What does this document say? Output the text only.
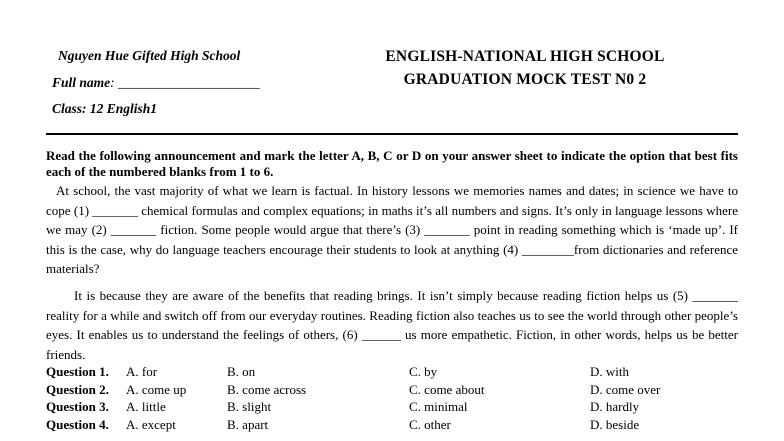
Nguyen Hue Gifted High School
Full name: _____________________
Class: 12 English1
ENGLISH-NATIONAL HIGH SCHOOL
GRADUATION MOCK TEST N0 2
Read the following announcement and mark the letter A, B, C or D on your answer sheet to indicate the option that best fits each of the numbered blanks from 1 to 6.
At school, the vast majority of what we learn is factual. In history lessons we memories names and dates; in science we have to cope (1) _______ chemical formulas and complex equations; in maths it’s all numbers and signs. It’s only in language lessons where we may (2) _______ fiction. Some people would argue that there’s (3) _______ point in reading something which is ‘made up’. If this is the case, why do language teachers encourage their students to look at anything (4) ________from dictionaries and reference materials?
It is because they are aware of the benefits that reading brings. It isn’t simply because reading fiction helps us (5) _______ reality for a while and switch off from our everyday routines. Reading fiction also teaches us to see the world through other people’s eyes. It enables us to understand the feelings of others, (6) ______ us more empathetic. Fiction, in other words, helps us be better friends.
Question 1. A. for	B. on	C. by	D. with
Question 2. A. come up	B. come across	C. come about	D. come over
Question 3. A. little	B. slight	C. minimal	D. hardly
Question 4. A. except	B. apart	C. other	D. beside
